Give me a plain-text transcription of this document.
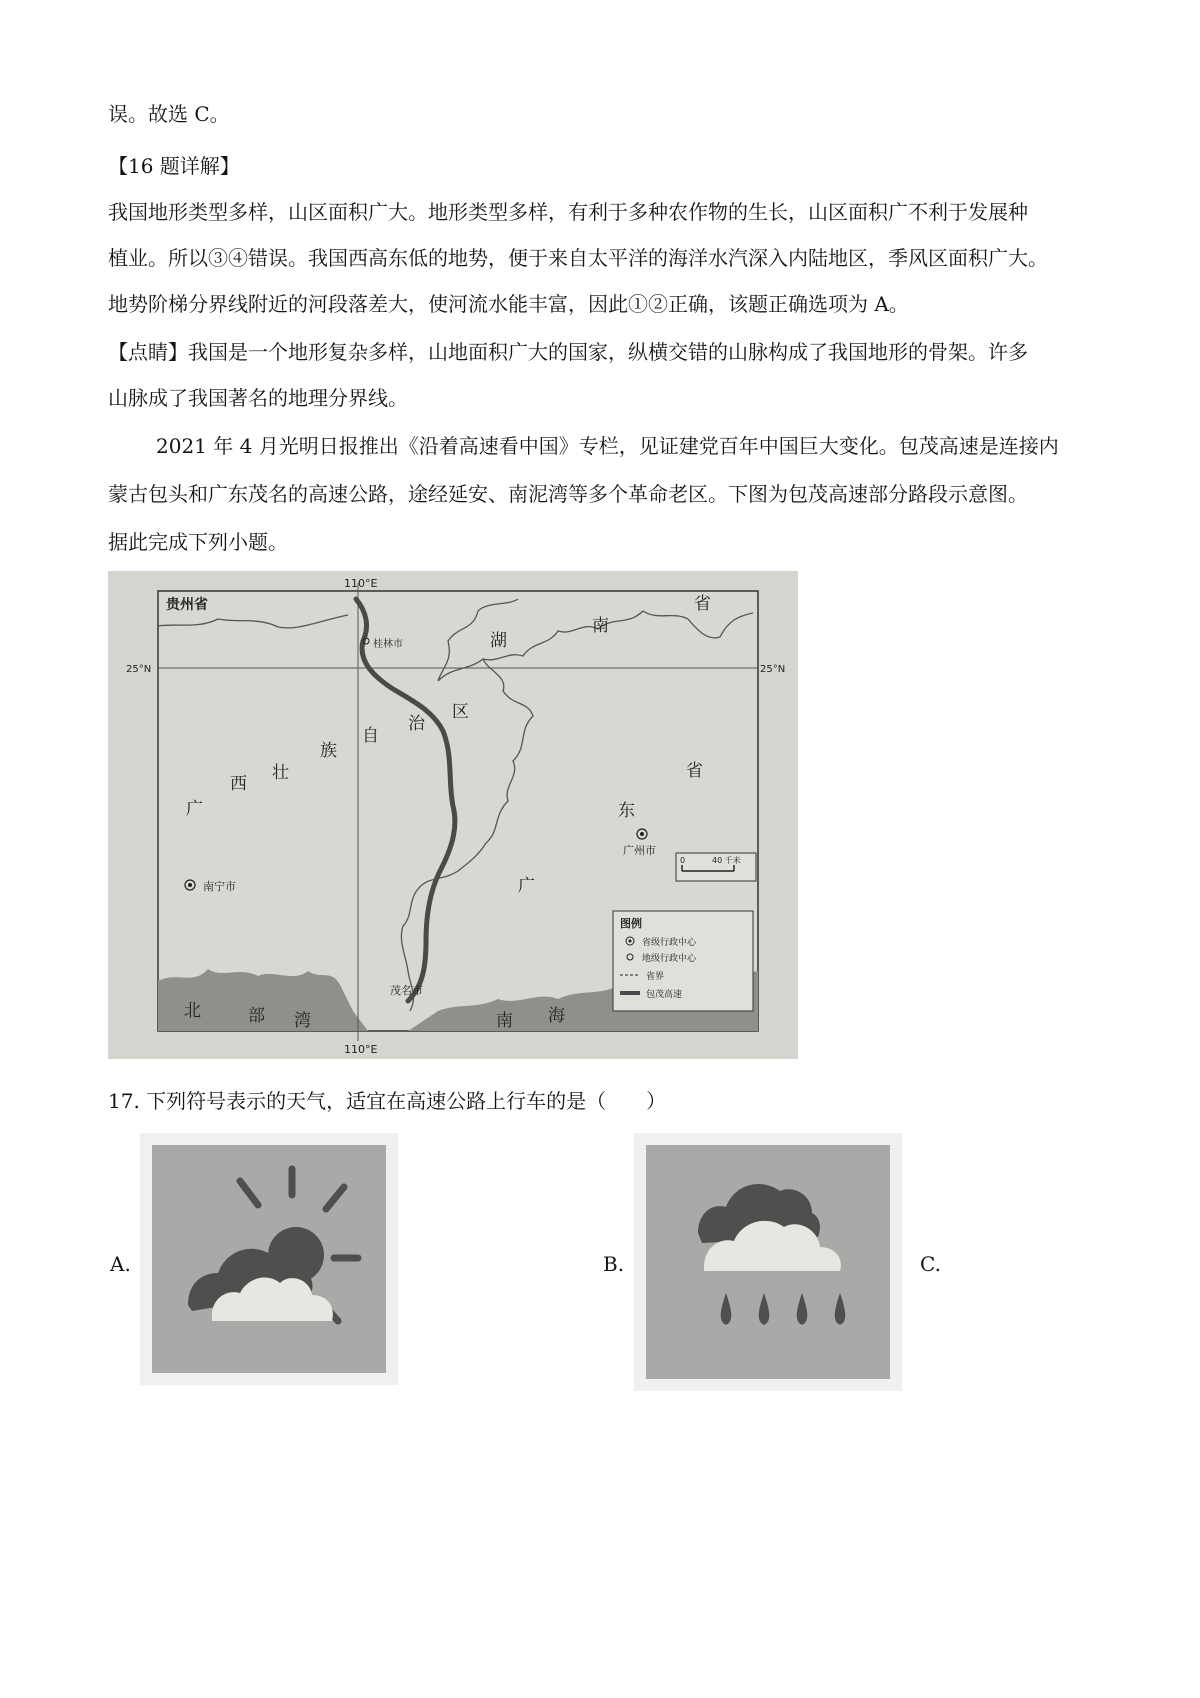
误。故选 C。
【16 题详解】
我国地形类型多样，山区面积广大。地形类型多样，有利于多种农作物的生长，山区面积广不利于发展种
植业。所以③④错误。我国西高东低的地势，便于来自太平洋的海洋水汽深入内陆地区，季风区面积广大。
地势阶梯分界线附近的河段落差大，使河流水能丰富，因此①②正确，该题正确选项为 A。
【点睛】我国是一个地形复杂多样，山地面积广大的国家，纵横交错的山脉构成了我国地形的骨架。许多
山脉成了我国著名的地理分界线。
2021 年 4 月光明日报推出《沿着高速看中国》专栏，见证建党百年中国巨大变化。包茂高速是连接内
蒙古包头和广东茂名的高速公路，途经延安、南泥湾等多个革命老区。下图为包茂高速部分路段示意图。
据此完成下列小题。
110°E
110°E
25°N	25°N
贵州省
桂林市
南宁市
广州市
茂名市
湖
南
省
广
西
壮
族
自
治
区
广
东
省
北	部 湾	南 海
0	40 千米
图例
省级行政中心
地级行政中心
省界
包茂高速
17. 下列符号表示的天气，适宜在高速公路上行车的是（　　）
A.	B.	C.
